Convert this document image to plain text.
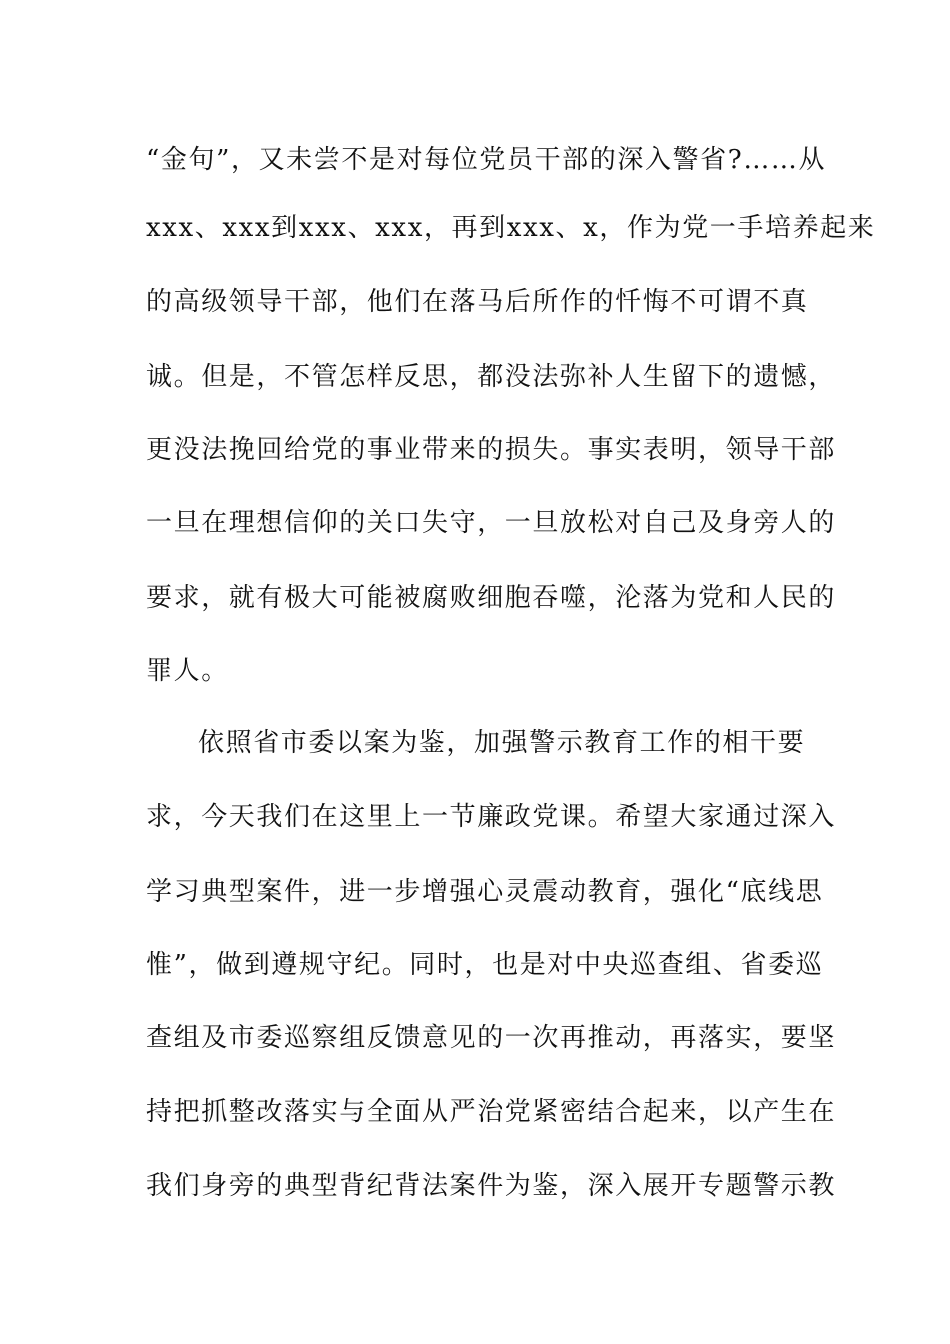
“金句”，又未尝不是对每位党员干部的深入警省?……从
xxx、xxx到xxx、xxx，再到xxx、x，作为党一手培养起来
的高级领导干部，他们在落马后所作的忏悔不可谓不真
诚。但是，不管怎样反思，都没法弥补人生留下的遗憾，
更没法挽回给党的事业带来的损失。事实表明，领导干部
一旦在理想信仰的关口失守，一旦放松对自己及身旁人的
要求，就有极大可能被腐败细胞吞噬，沦落为党和人民的
罪人。
依照省市委以案为鉴，加强警示教育工作的相干要
求，今天我们在这里上一节廉政党课。希望大家通过深入
学习典型案件，进一步增强心灵震动教育，强化“底线思
惟”，做到遵规守纪。同时，也是对中央巡查组、省委巡
查组及市委巡察组反馈意见的一次再推动，再落实，要坚
持把抓整改落实与全面从严治党紧密结合起来，以产生在
我们身旁的典型背纪背法案件为鉴，深入展开专题警示教
